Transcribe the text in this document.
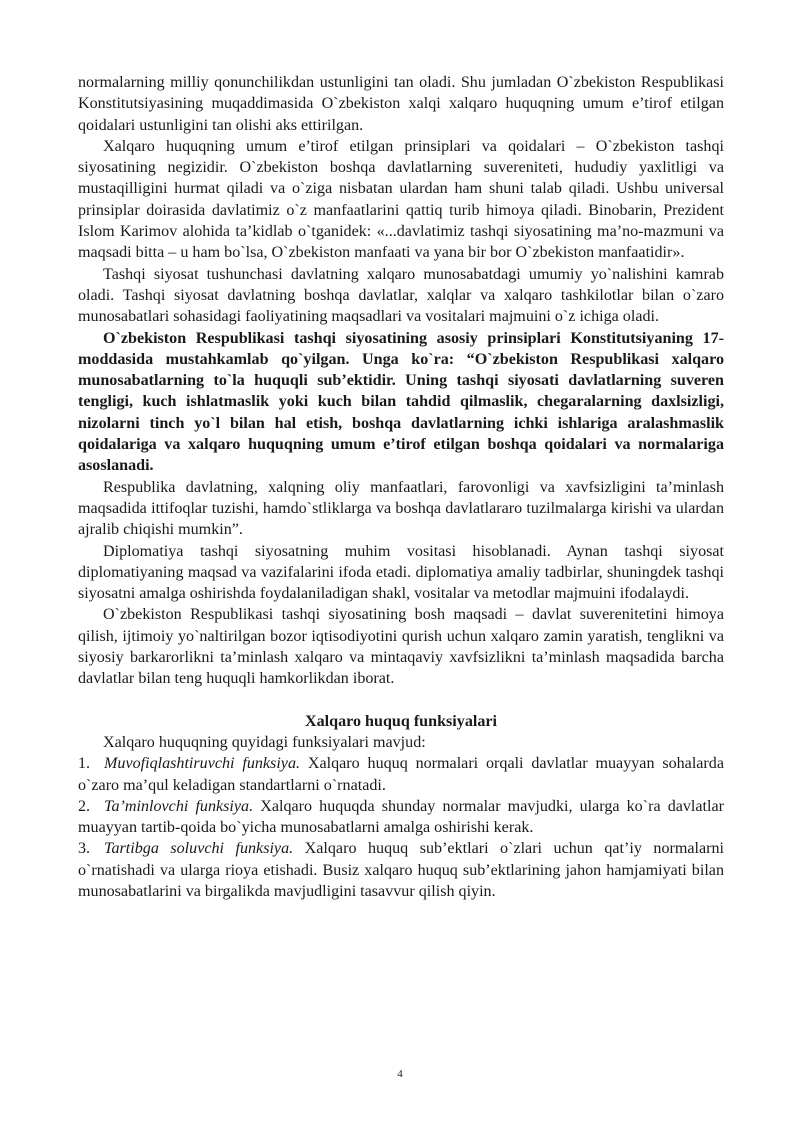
normalarning milliy qonunchilikdan ustunligini tan oladi. Shu jumladan O`zbekiston Respublikasi Konstitutsiyasining muqaddimasida O`zbekiston xalqi xalqaro huquqning umum e’tirof etilgan qoidalari ustunligini tan olishi aks ettirilgan.

Xalqaro huquqning umum e’tirof etilgan prinsiplari va qoidalari – O`zbekiston tashqi siyosatining negizidir. O`zbekiston boshqa davlatlarning suvereniteti, hududiy yaxlitligi va mustaqilligini hurmat qiladi va o`ziga nisbatan ulardan ham shuni talab qiladi. Ushbu universal prinsiplar doirasida davlatimiz o`z manfaatlarini qattiq turib himoya qiladi. Binobarin, Prezident Islom Karimov alohida ta’kidlab o`tganidek: «...davlatimiz tashqi siyosatining ma’no-mazmuni va maqsadi bitta – u ham bo`lsa, O`zbekiston manfaati va yana bir bor O`zbekiston manfaatidir».

Tashqi siyosat tushunchasi davlatning xalqaro munosabatdagi umumiy yo`nalishini kamrab oladi. Tashqi siyosat davlatning boshqa davlatlar, xalqlar va xalqaro tashkilotlar bilan o`zaro munosabatlari sohasidagi faoliyatining maqsadlari va vositalari majmuini o`z ichiga oladi.

O`zbekiston Respublikasi tashqi siyosatining asosiy prinsiplari Konstitutsiyaning 17-moddasida mustahkamlab qo`yilgan. Unga ko`ra: “O`zbekiston Respublikasi xalqaro munosabatlarning to`la huquqli sub’ektidir. Uning tashqi siyosati davlatlarning suveren tengligi, kuch ishlatmaslik yoki kuch bilan tahdid qilmaslik, chegaralarning daxlsizligi, nizolarni tinch yo`l bilan hal etish, boshqa davlatlarning ichki ishlariga aralashmaslik qoidalariga va xalqaro huquqning umum e’tirof etilgan boshqa qoidalari va normalariga asoslanadi.

Respublika davlatning, xalqning oliy manfaatlari, farovonligi va xavfsizligini ta’minlash maqsadida ittifoqlar tuzishi, hamdo`stliklarga va boshqa davlatlararo tuzilmalarga kirishi va ulardan ajralib chiqishi mumkin”.

Diplomatiya tashqi siyosatning muhim vositasi hisoblanadi. Aynan tashqi siyosat diplomatiyaning maqsad va vazifalarini ifoda etadi. diplomatiya amaliy tadbirlar, shuningdek tashqi siyosatni amalga oshirishda foydalaniladigan shakl, vositalar va metodlar majmuini ifodalaydi.

O`zbekiston Respublikasi tashqi siyosatining bosh maqsadi – davlat suverenitetini himoya qilish, ijtimoiy yo`naltirilgan bozor iqtisodiyotini qurish uchun xalqaro zamin yaratish, tenglikni va siyosiy barkarorlikni ta’minlash xalqaro va mintaqaviy xavfsizlikni ta’minlash maqsadida barcha davlatlar bilan teng huquqli hamkorlikdan iborat.

Xalqaro huquq funksiyalari

Xalqaro huquqning quyidagi funksiyalari mavjud:

1. Muvofiqlashtiruvchi funksiya. Xalqaro huquq normalari orqali davlatlar muayyan sohalarda o`zaro ma’qul keladigan standartlarni o`rnatadi.

2. Ta’minlovchi funksiya. Xalqaro huquqda shunday normalar mavjudki, ularga ko`ra davlatlar muayyan tartib-qoida bo`yicha munosabatlarni amalga oshirishi kerak.

3. Tartibga soluvchi funksiya. Xalqaro huquq sub’ektlari o`zlari uchun qat’iy normalarni o`rnatishadi va ularga rioya etishadi. Busiz xalqaro huquq sub’ektlarining jahon hamjamiyati bilan munosabatlarini va birgalikda mavjudligini tasavvur qilish qiyin.

4
